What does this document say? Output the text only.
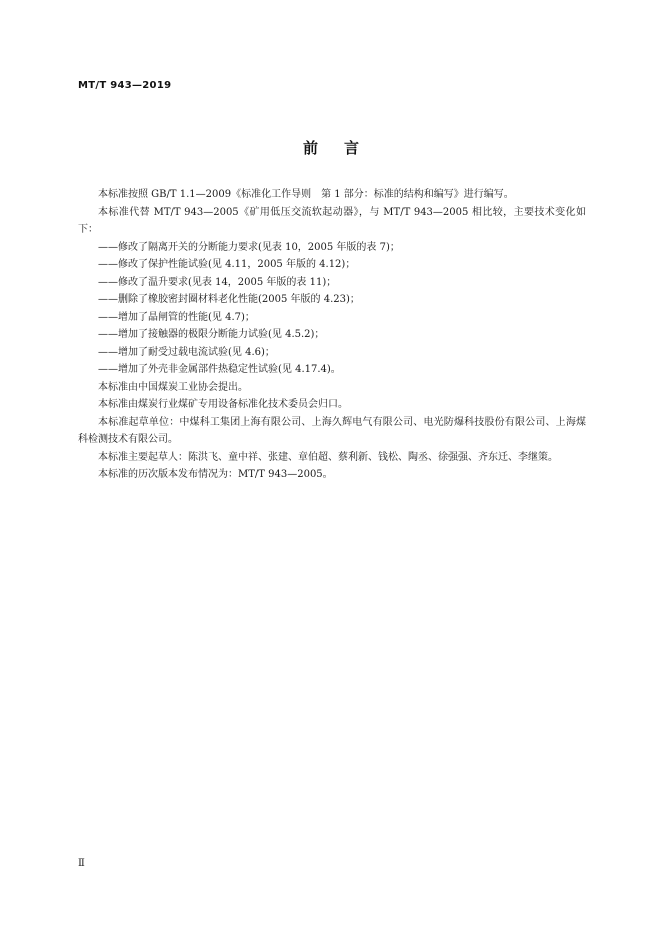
MT/T 943—2019
前言

本标准按照 GB/T 1.1—2009《标准化工作导则　第 1 部分：标准的结构和编写》进行编写。

本标准代替 MT/T 943—2005《矿用低压交流软起动器》，与 MT/T 943—2005 相比较，主要技术变化如下：

——修改了隔离开关的分断能力要求(见表 10，2005 年版的表 7)；

——修改了保护性能试验(见 4.11，2005 年版的 4.12)；

——修改了温升要求(见表 14，2005 年版的表 11)；

——删除了橡胶密封圈材料老化性能(2005 年版的 4.23)；

——增加了晶闸管的性能(见 4.7)；

——增加了接触器的极限分断能力试验(见 4.5.2)；

——增加了耐受过载电流试验(见 4.6)；

——增加了外壳非金属部件热稳定性试验(见 4.17.4)。

本标准由中国煤炭工业协会提出。

本标准由煤炭行业煤矿专用设备标准化技术委员会归口。

本标准起草单位：中煤科工集团上海有限公司、上海久辉电气有限公司、电光防爆科技股份有限公司、上海煤科检测技术有限公司。

本标准主要起草人：陈洪飞、童中祥、张建、章伯超、蔡利新、钱松、陶丞、徐强强、齐东迁、李继策。

本标准的历次版本发布情况为：MT/T 943—2005。

Ⅱ
